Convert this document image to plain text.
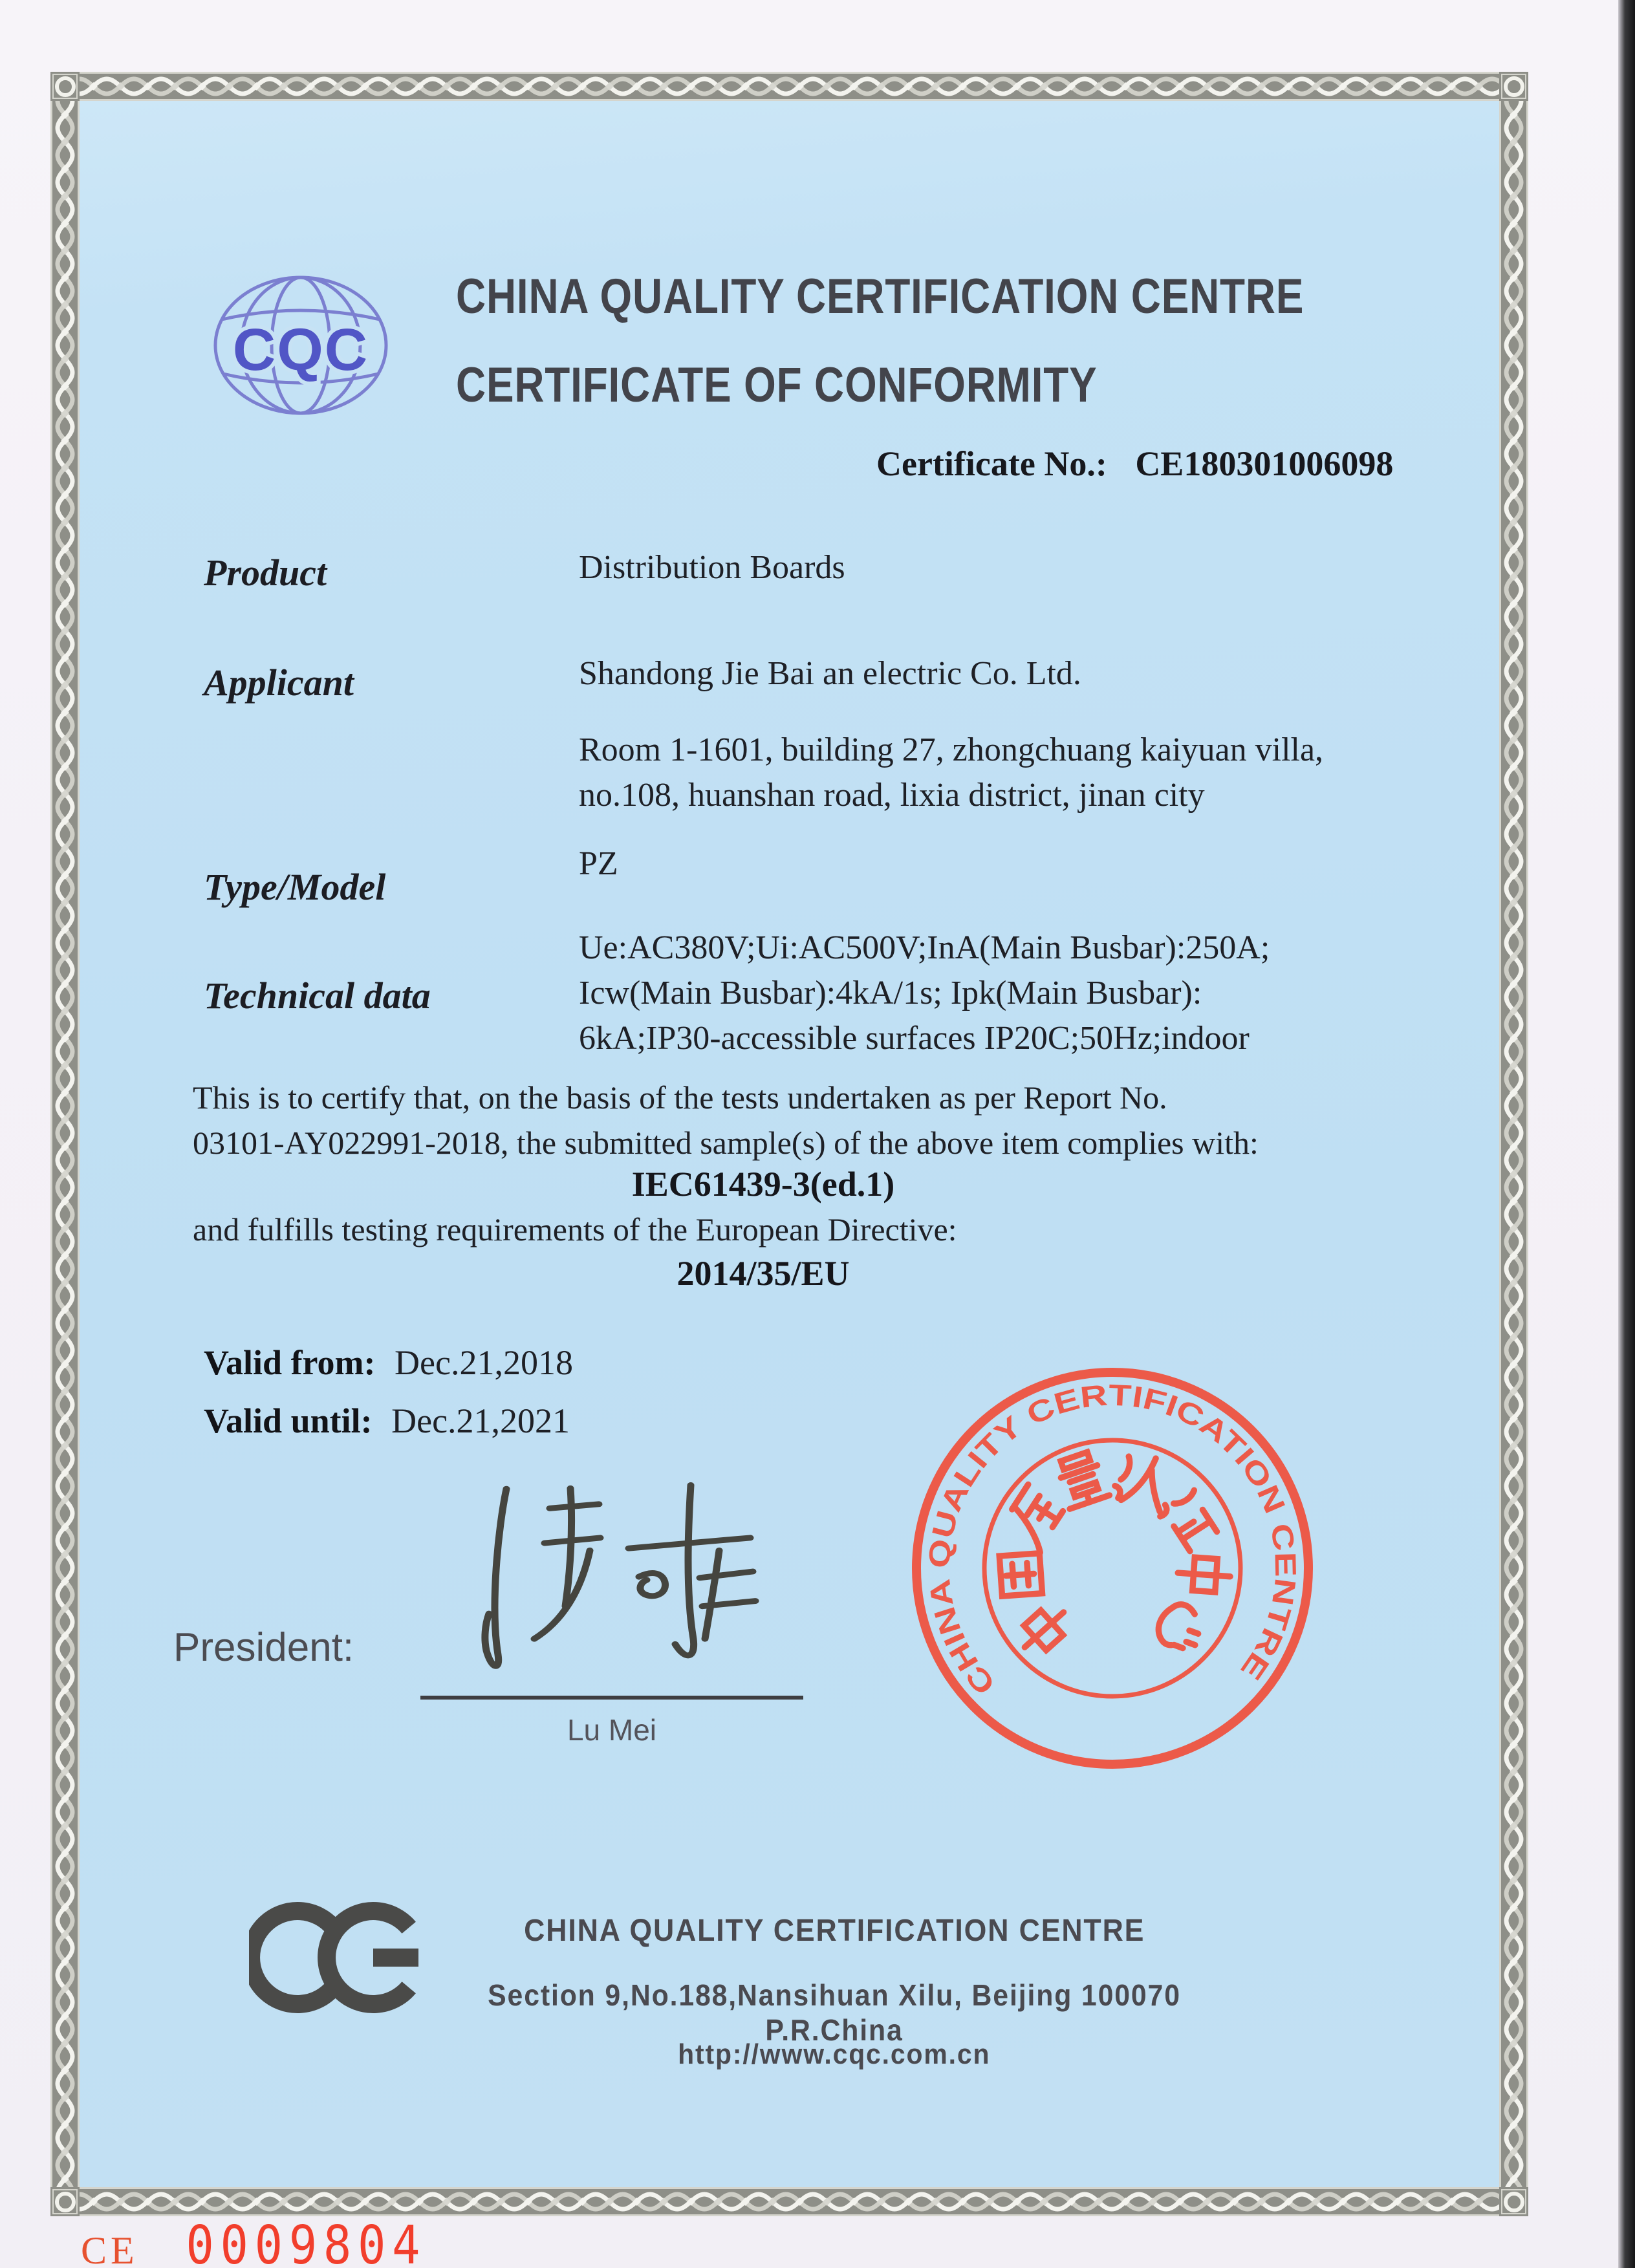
CQC
CHINA QUALITY CERTIFICATION CENTRE
CERTIFICATE OF CONFORMITY
Certificate No.: CE180301006098
Product	Distribution Boards
Applicant	Shandong Jie Bai an electric Co. Ltd.
Room 1-1601, building 27, zhongchuang kaiyuan villa,
no.108, huanshan road, lixia district, jinan city
Type/Model
PZ
Technical data
Ue:AC380V;Ui:AC500V;InA(Main Busbar):250A;
Icw(Main Busbar):4kA/1s; Ipk(Main Busbar):
6kA;IP30-accessible surfaces IP20C;50Hz;indoor
This is to certify that, on the basis of the tests undertaken as per Report No.
03101-AY022991-2018, the submitted sample(s) of the above item complies with:
IEC61439-3(ed.1)
and fulfills testing requirements of the European Directive:
2014/35/EU
Valid from: Dec.21,2018
Valid until: Dec.21,2021
CHINA QUALITY CERTIFICATION CENTRE
President:
Lu Mei
CHINA QUALITY CERTIFICATION CENTRE
Section 9,No.188,Nansihuan Xilu, Beijing 100070 P.R.China
http://www.cqc.com.cn
CE 0009804
